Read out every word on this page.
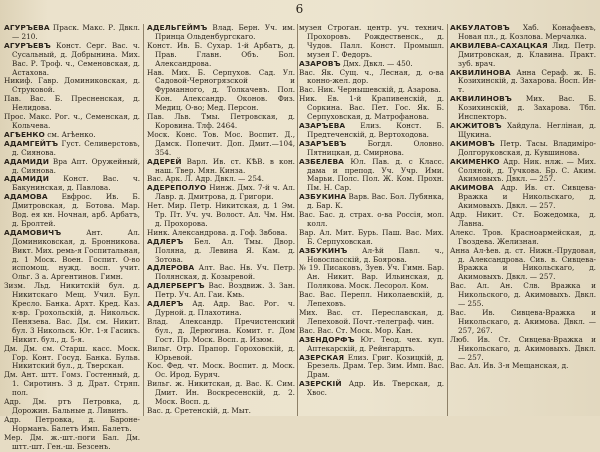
6

АГУРЪЕВА Праск. Макс. Р. Двкл. — 210.

АГУРЪЕВЪ Конст. Серг. Вас. ч. Сусальный, д. Добрынина. Мих. Вас. Р. Троф. ч., Семеновская, д. Астахова.

Никиф. Гавр. Доминиковская, д. Струковой.

Пав. Вас. Б. Пресненская, д. Нелидова.

Прос. Макс. Рог. ч., Семенская, д. Кольчева.

АГѢЕНКО см. Агѣенко.

АДАМГЕЙТЪ Густ. Селиверстовъ, д. Сиянова.

АДАМИДИ Вра Апт. Оружейный, д. Сиянова.

АДАМИДИ Конст. Вас. ч. Бакунинская, д. Павлова.

АДАМОВА Евфрос. Ив. Б. Дмитровская, д. Ботова. Мар. Вод. ея кн. Ночная, арб. Арбатъ, д. Бролтей.

АДАМОВИЧЪ	Ант. Ал. Доминиковская, д. Бронникова. Викт. Мих. ремь-я Госпитальная, д. 1 Моск. Воен. Госпит. О-во испомощ. нужд. восп. учит. Ольг. 3 а. Аргентинов. Гимн.

Зизм. Льд. Никитскій бул. д. Никитскаго Мещ. Учил. Бул. Кресло. Банка. Архт. Кред. Каз. к-вр. Грохольскій, д. Никольск. Пенязева. Вас. Дм. см. Никит. бул. 3 Никольск. Юг. 1-я Гасикъ. Никит. бул., д. 5-я.

Дм. Дм. см. Старш. касс. Моск. Гор. Конт. Госуд. Банка. Бульв. Никитский бул., д. Тверская.

Дм. Ант. штт. Гомз. Гостенный, д. 1. Сиротинъ. 3 д. Драт. Стряп. пол.

Адр. Дм. ртъ Петровка, д. Дорожин. Бальные д. Ливинъ.

Адр. Петровка, д. Бароне-Норманъ. Балетъ Имп. Балетъ.

Мер. Дм. ж.-шт.-поги Бал. Дм. штт.-шт. Ген.-ш. Безсенъ.

АДЕЛЬГЕЙМЪ Влад. Берн. Уч. им. Принца Ольденбургскаго.

Конст. Ив. Б. Сухар. 1-й Арбатъ, д. Прав. Главн. Объ. Бол. Александрова.

Нав. Мих. Б. Серпухов. Сад. Ул. Садовой-Черногрязской и Фурманного, д. Толкачевъ. Пол. Кон. Александр. Оконов. Физ. Медиц. О-во; Мед. Персон.

Пав. Льв. Тмы. Петровская, д. Коровина. Тлф. 2464.

Моск. Конс. Тов. Мос. Воспит. Д., Дамск. Попечит. Доп. Дмит.—104, 354.

АДЕРЕЙ Варл. Ив. ст. КѢВ. в кон. наш. Твер. Мян. Кинза.

Вас. Арк. Л. Адр. Двкл. — 254.

АДЕРЕПОЛУО Нинж. Дмх. 7-й ч. Ал. Лавр. д. Дмитрова, д. Григори.

Нет. Мир. Петр. Никитская, д. 1 Эм. Тр. Пт. Уч. уч. Волост. Ал. Чм. Нм. д. Прохорова.

Нинк. Александрова. д. Гоф. Звбова.

АДЛЕРЪ Бел. Ал. Тмы. Двор. Поляна, д. Левина Я. Кам. д. Зотова.

АДЛЕРОВА Алт. Вас. Нв. Уч. Петр. Полянская, д. Козыревой.

АДЛЕРБЕРГЪ Вас. Воздвиж. 3. Зан. Петр. Уч. Ал. Гаи. Кмь.

АДЛЕРЪ Ад. Адр. Вас. Рог. ч. Дурной. д. Плахотина.

Влад. Александр. Пречистенский бул., д. Дерюгина. Комит. г. Дом Гост. Пр. Моск. Восп. д. Изюм.

Вильг. Отр. Прапор. Гороховскій, д. Юрьевой.

Кос. Фед. чт. Моск. Воспит. д. Моск. Ос. Ирод. Буряч.

Вильг. ж. Никитская, д. Вас. К. Сим. Дмит. Ин. Воскресенскій, д. 2. Моск. Восп. д.

Вас. д. Сретенскій, д. Мыт.

музея Строган. центр. уч. технич. Прохоровъ. Рождественск., д. Чудов. Палл. Конст. Промышл. музея Г. Федоръ.

АЗАРОВЪ Дмх. Двкл. — 450.

Вас. Як. Сущ. ч., Лесная, д. о-ва конно-жел. дор.

Вас. Ник. Чернышевскій, д. Азарова.

Ник. Ев. 1-й Крапивенскій, д. Соркина. Вас. Пет. Гос. Як. Б. Серпуховская, д. Матрофанова.

АЗАРЪЕВА Елиз. Конст. Б. Предтеченскій, д. Вертоходова.

АЗАРЪЕВЪ	Богдл. Оловно. Пятницкая, д. Смирнова.

АЗБЕЛЕВА Юл. Пав. д. с Класс. дама и препод. Уч. Учр. Ими. Марьи. Полс. Пол. Ж. Ком. Прохн. Пм. Н. Сар.

АЗБУКИНА Варв. Вас. Бол. Лубянка, д. Бар. К.

Вас. Бас. д. страх. о-ва Россія, мол. колл.

Вар. Ал. Мит. Бурь. Паш. Вас. Мих. Б. Серпуховская.

АЗБУКИНЪ Ал-ѣй Павл. ч., Новоспасскій, д. Боярова.

№ 19. Писаковъ, Зуев. Уч. Гимн. Бар. Ан. Никит. Вар. Ильинская, д. Полякова. Моск. Лесорол. Ком.

Вас. Вас. Перепл. Николаевскій, д. Лепеховъ.

Мих. Вас. ст. Переславская, д. Лепеховой. Почт.-телеграф. чин.

Вас. Вас. Ст. Моск. Мор. Кан.

АЗЕНДОРФЪ Юг. Теод. чех. куп. Аптекарскій, д. Рейнгардть.

АЗЕРСКАЯ Елиз. Григ. Козицкій, д. Брезель. Драм. Тер. Зим. Имп. Вас. Драм.

АЗЕРСКІЙ Адр. Ив. Тверская, д. Хвос.

АКБУЛАТОВЪ Хаб. Конафьевъ, Новая пл., д. Козлова. Мерчалка.

АКВИЛЕВА-САХАЦКАЯ Лид. Петр. Дмитровская, д. Клавина. Практ. зуб. врач.

АКВИЛИНОВА Анна Сераф. ж. Б. Козихинскій, д. Захарова. Восп. Ин-т.

АКВИЛИНОВЪ Мих. Вас. Б. Козихинскій, д. Захарова. Тбп. Инспекторъ.

АКЖИТОВЪ Хайдула. Негліная, д. Щукина.

АКИМОВЪ Петр. Тасы. Владиміро-Долгоруковская, д. Кувшинова.

АКИМЕНКО Адр. Ник. нлж. — Мих. Соляной, д. Тучкова. Бр. С. Аким. Акимовыхъ. Двкл. — 257.

АКИМОВА Адр. Ив. ст. Сивцева-Вражка и Никольскаго, д. Акимовыхъ. Двкл. — 257.

Адр. Никит. Ст. Божедомка, д. Лавна.

Алекс. Тров. Красноармейская, д. Гвоздева. Желизная.

Анна Ал-ѣев. д. ст. Нижн.-Прудовая, д. Александрова. Сив. в. Сивцева-Вражка и Никольскаго, д. Акимовыхъ. Двкл. — 257.

Вас. Ал. Ан. Слв. Вражка и Никольского, д. Акимовыхъ. Двкл. — 255.

Вас. Ив. Сивцева-Вражка и Никольскаго, д. Акимова. Двкл. — 257, 267.

Люб. Ив. Ст. Сивцева-Вражка и Никольскаго, д. Акимовыхъ. Двкл. — 257.

Вас. Ал. Ив. 3-я Мещанская, д.
